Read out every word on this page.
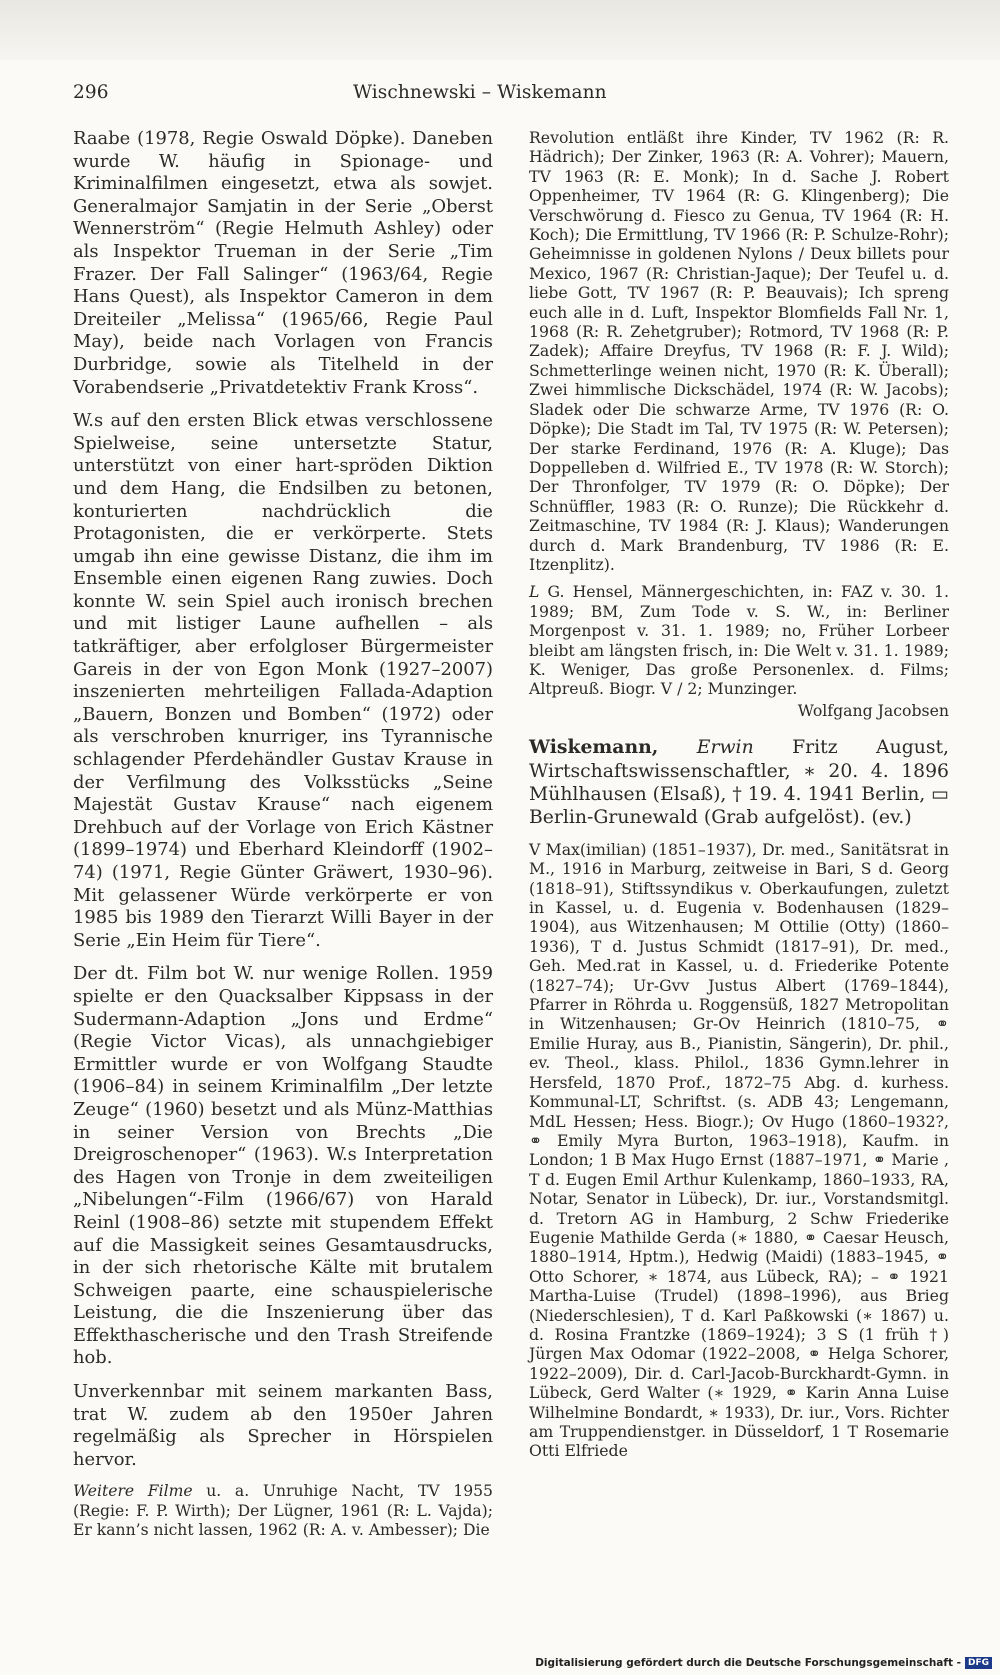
296	Wischnewski – Wiskemann

Raabe (1978, Regie Oswald Döpke). Daneben wurde W. häufig in Spionage- und Kriminalfilmen eingesetzt, etwa als sowjet. Generalmajor Samjatin in der Serie „Oberst Wennerström“ (Regie Helmuth Ashley) oder als Inspektor Trueman in der Serie „Tim Frazer. Der Fall Salinger“ (1963/64, Regie Hans Quest), als Inspektor Cameron in dem Dreiteiler „Melissa“ (1965/66, Regie Paul May), beide nach Vorlagen von Francis Durbridge, sowie als Titelheld in der Vorabendserie „Privatdetektiv Frank Kross“.

W.s auf den ersten Blick etwas verschlossene Spielweise, seine untersetzte Statur, unterstützt von einer hart-spröden Diktion und dem Hang, die Endsilben zu betonen, konturierten nachdrücklich die Protagonisten, die er verkörperte. Stets umgab ihn eine gewisse Distanz, die ihm im Ensemble einen eigenen Rang zuwies. Doch konnte W. sein Spiel auch ironisch brechen und mit listiger Laune aufhellen – als tatkräftiger, aber erfolgloser Bürgermeister Gareis in der von Egon Monk (1927–2007) inszenierten mehrteiligen Fallada-Adaption „Bauern, Bonzen und Bomben“ (1972) oder als verschroben knurriger, ins Tyrannische schlagender Pferdehändler Gustav Krause in der Verfilmung des Volksstücks „Seine Majestät Gustav Krause“ nach eigenem Drehbuch auf der Vorlage von Erich Kästner (1899–1974) und Eberhard Kleindorff (1902–74) (1971, Regie Günter Gräwert, 1930–96). Mit gelassener Würde verkörperte er von 1985 bis 1989 den Tierarzt Willi Bayer in der Serie „Ein Heim für Tiere“.

Der dt. Film bot W. nur wenige Rollen. 1959 spielte er den Quacksalber Kippsass in der Sudermann-Adaption „Jons und Erdme“ (Regie Victor Vicas), als unnachgiebiger Ermittler wurde er von Wolfgang Staudte (1906–84) in seinem Kriminalfilm „Der letzte Zeuge“ (1960) besetzt und als Münz-Matthias in seiner Version von Brechts „Die Dreigroschenoper“ (1963). W.s Interpretation des Hagen von Tronje in dem zweiteiligen „Nibelungen“-Film (1966/67) von Harald Reinl (1908–86) setzte mit stupendem Effekt auf die Massigkeit seines Gesamtausdrucks, in der sich rhetorische Kälte mit brutalem Schweigen paarte, eine schauspielerische Leistung, die die Inszenierung über das Effekthascherische und den Trash Streifende hob.

Unverkennbar mit seinem markanten Bass, trat W. zudem ab den 1950er Jahren regelmäßig als Sprecher in Hörspielen hervor.

Weitere Filme u. a. Unruhige Nacht, TV 1955 (Regie: F. P. Wirth); Der Lügner, 1961 (R: L. Vajda); Er kann’s nicht lassen, 1962 (R: A. v. Ambesser); Die

Revolution entläßt ihre Kinder, TV 1962 (R: R. Hädrich); Der Zinker, 1963 (R: A. Vohrer); Mauern, TV 1963 (R: E. Monk); In d. Sache J. Robert Oppenheimer, TV 1964 (R: G. Klingenberg); Die Verschwörung d. Fiesco zu Genua, TV 1964 (R: H. Koch); Die Ermittlung, TV 1966 (R: P. Schulze-Rohr); Geheimnisse in goldenen Nylons / Deux billets pour Mexico, 1967 (R: Christian-Jaque); Der Teufel u. d. liebe Gott, TV 1967 (R: P. Beauvais); Ich spreng euch alle in d. Luft, Inspektor Blomfields Fall Nr. 1, 1968 (R: R. Zehetgruber); Rotmord, TV 1968 (R: P. Zadek); Affaire Dreyfus, TV 1968 (R: F. J. Wild); Schmetterlinge weinen nicht, 1970 (R: K. Überall); Zwei himmlische Dickschädel, 1974 (R: W. Jacobs); Sladek oder Die schwarze Arme, TV 1976 (R: O. Döpke); Die Stadt im Tal, TV 1975 (R: W. Petersen); Der starke Ferdinand, 1976 (R: A. Kluge); Das Doppelleben d. Wilfried E., TV 1978 (R: W. Storch); Der Thronfolger, TV 1979 (R: O. Döpke); Der Schnüffler, 1983 (R: O. Runze); Die Rückkehr d. Zeitmaschine, TV 1984 (R: J. Klaus); Wanderungen durch d. Mark Brandenburg, TV 1986 (R: E. Itzenplitz).

L G. Hensel, Männergeschichten, in: FAZ v. 30. 1. 1989; BM, Zum Tode v. S. W., in: Berliner Morgenpost v. 31. 1. 1989; no, Früher Lorbeer bleibt am längsten frisch, in: Die Welt v. 31. 1. 1989; K. Weniger, Das große Personenlex. d. Films; Altpreuß. Biogr. V / 2; Munzinger.

Wolfgang Jacobsen

Wiskemann, Erwin Fritz August, Wirtschaftswissenschaftler, ∗ 20. 4. 1896 Mühlhausen (Elsaß), † 19. 4. 1941 Berlin, ▭ Berlin-Grunewald (Grab aufgelöst). (ev.)

V Max(imilian) (1851–1937), Dr. med., Sanitätsrat in M., 1916 in Marburg, zeitweise in Bari, S d. Georg (1818–91), Stiftssyndikus v. Oberkaufungen, zuletzt in Kassel, u. d. Eugenia v. Bodenhausen (1829–1904), aus Witzenhausen; M Ottilie (Otty) (1860–1936), T d. Justus Schmidt (1817–91), Dr. med., Geh. Med.rat in Kassel, u. d. Friederike Potente (1827–74); Ur-Gvv Justus Albert (1769–1844), Pfarrer in Röhrda u. Roggensüß, 1827 Metropolitan in Witzenhausen; Gr-Ov Heinrich (1810–75, ⚭ Emilie Huray, aus B., Pianistin, Sängerin), Dr. phil., ev. Theol., klass. Philol., 1836 Gymn.lehrer in Hersfeld, 1870 Prof., 1872–75 Abg. d. kurhess. Kommunal-LT, Schriftst. (s. ADB 43; Lengemann, MdL Hessen; Hess. Biogr.); Ov Hugo (1860–1932?, ⚭ Emily Myra Burton, 1963–1918), Kaufm. in London; 1 B Max Hugo Ernst (1887–1971, ⚭ Marie , T d. Eugen Emil Arthur Kulenkamp, 1860–1933, RA, Notar, Senator in Lübeck), Dr. iur., Vorstandsmitgl. d. Tretorn AG in Hamburg, 2 Schw Friederike Eugenie Mathilde Gerda (∗ 1880, ⚭ Caesar Heusch, 1880–1914, Hptm.), Hedwig (Maidi) (1883–1945, ⚭ Otto Schorer, ∗ 1874, aus Lübeck, RA); – ⚭ 1921 Martha-Luise (Trudel) (1898–1996), aus Brieg (Niederschlesien), T d. Karl Paßkowski (∗ 1867) u. d. Rosina Frantzke (1869–1924); 3 S (1 früh †) Jürgen Max Odomar (1922–2008, ⚭ Helga Schorer, 1922–2009), Dir. d. Carl-Jacob-Burckhardt-Gymn. in Lübeck, Gerd Walter (∗ 1929, ⚭ Karin Anna Luise Wilhelmine Bondardt, ∗ 1933), Dr. iur., Vors. Richter am Truppendienstger. in Düsseldorf, 1 T Rosemarie Otti Elfriede

Digitalisierung gefördert durch die Deutsche Forschungsgemeinschaft - DFG
